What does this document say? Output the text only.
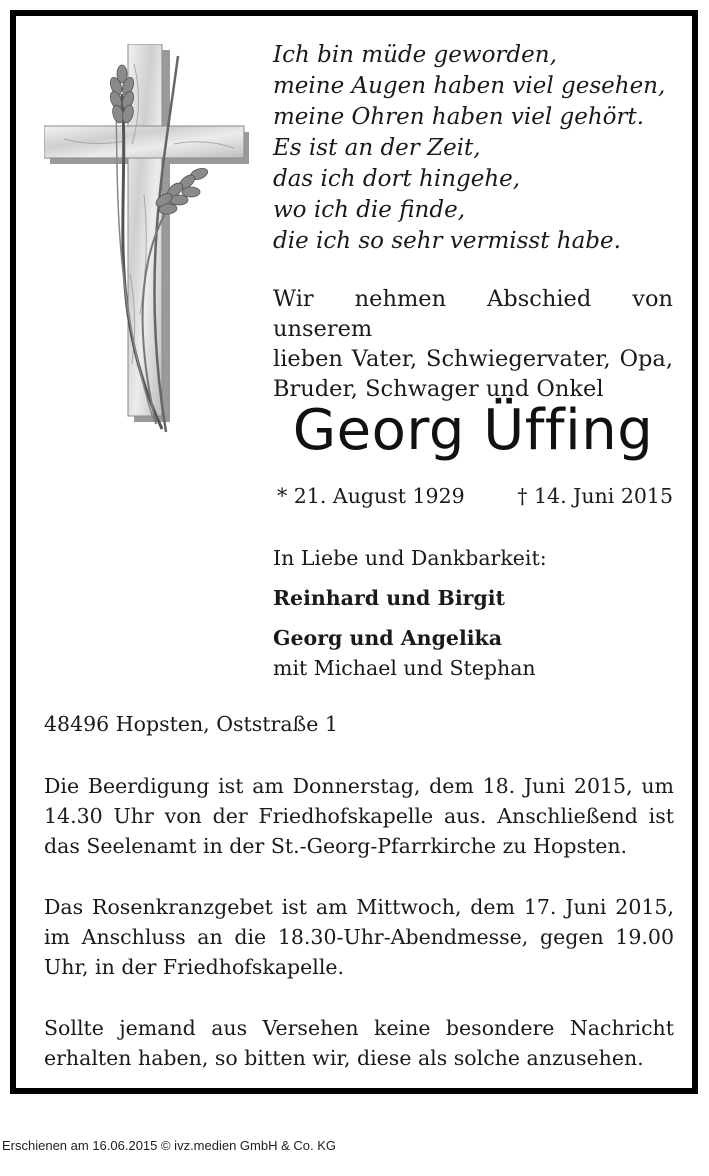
Ich bin müde geworden,
meine Augen haben viel gesehen,
meine Ohren haben viel gehört.
Es ist an der Zeit,
das ich dort hingehe,
wo ich die finde,
die ich so sehr vermisst habe.
Wir nehmen Abschied von unserem
lieben Vater, Schwiegervater, Opa,
Bruder, Schwager und Onkel
Georg Üffing
* 21. August 1929	† 14. Juni 2015
In Liebe und Dankbarkeit:
Reinhard und Birgit
Georg und Angelika
mit Michael und Stephan
48496 Hopsten, Oststraße 1
Die Beerdigung ist am Donnerstag, dem 18. Juni 2015, um
14.30 Uhr von der Friedhofskapelle aus. Anschließend ist
das Seelenamt in der St.-Georg-Pfarrkirche zu Hopsten.
Das Rosenkranzgebet ist am Mittwoch, dem 17. Juni 2015,
im Anschluss an die 18.30-Uhr-Abendmesse, gegen 19.00
Uhr, in der Friedhofskapelle.
Sollte jemand aus Versehen keine besondere Nachricht
erhalten haben, so bitten wir, diese als solche anzusehen.
Erschienen am 16.06.2015 © ivz.medien GmbH & Co. KG
